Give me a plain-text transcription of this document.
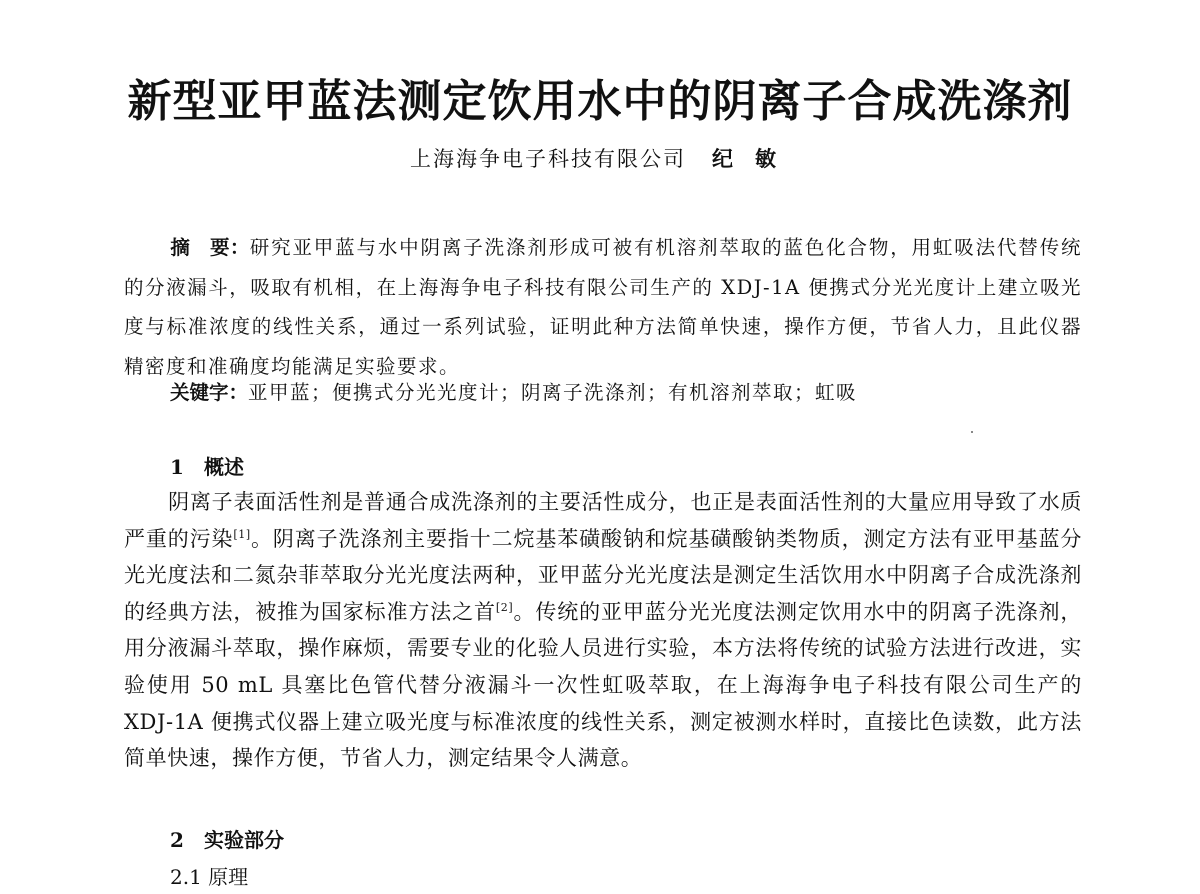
新型亚甲蓝法测定饮用水中的阴离子合成洗涤剂
上海海争电子科技有限公司 纪敏
摘　要：研究亚甲蓝与水中阴离子洗涤剂形成可被有机溶剂萃取的蓝色化合物，用虹吸法代替传统的分液漏斗，吸取有机相，在上海海争电子科技有限公司生产的 XDJ-1A 便携式分光光度计上建立吸光度与标准浓度的线性关系，通过一系列试验，证明此种方法简单快速，操作方便，节省人力，且此仪器精密度和准确度均能满足实验要求。
关键字：亚甲蓝；便携式分光光度计；阴离子洗涤剂；有机溶剂萃取；虹吸
1 概述
阴离子表面活性剂是普通合成洗涤剂的主要活性成分，也正是表面活性剂的大量应用导致了水质严重的污染[1]。阴离子洗涤剂主要指十二烷基苯磺酸钠和烷基磺酸钠类物质，测定方法有亚甲基蓝分光光度法和二氮杂菲萃取分光光度法两种，亚甲蓝分光光度法是测定生活饮用水中阴离子合成洗涤剂的经典方法，被推为国家标准方法之首[2]。传统的亚甲蓝分光光度法测定饮用水中的阴离子洗涤剂，用分液漏斗萃取，操作麻烦，需要专业的化验人员进行实验，本方法将传统的试验方法进行改进，实验使用 50 mL 具塞比色管代替分液漏斗一次性虹吸萃取，在上海海争电子科技有限公司生产的 XDJ-1A 便携式仪器上建立吸光度与标准浓度的线性关系，测定被测水样时，直接比色读数，此方法简单快速，操作方便，节省人力，测定结果令人满意。
2 实验部分
2.1 原理
